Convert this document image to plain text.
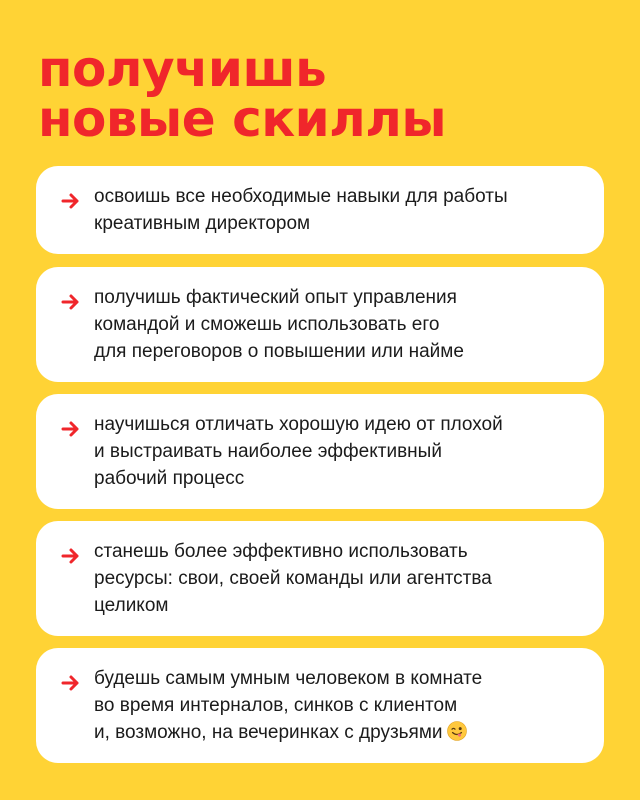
получишь
новые скиллы
освоишь все необходимые навыки для работы
креативным директором
получишь фактический опыт управления
командой и сможешь использовать его
для переговоров о повышении или найме
научишься отличать хорошую идею от плохой
и выстраивать наиболее эффективный
рабочий процесс
станешь более эффективно использовать
ресурсы: свои, своей команды или агентства
целиком
будешь самым умным человеком в комнате
во время интерналов, синков с клиентом
и, возможно, на вечеринках с друзьями
